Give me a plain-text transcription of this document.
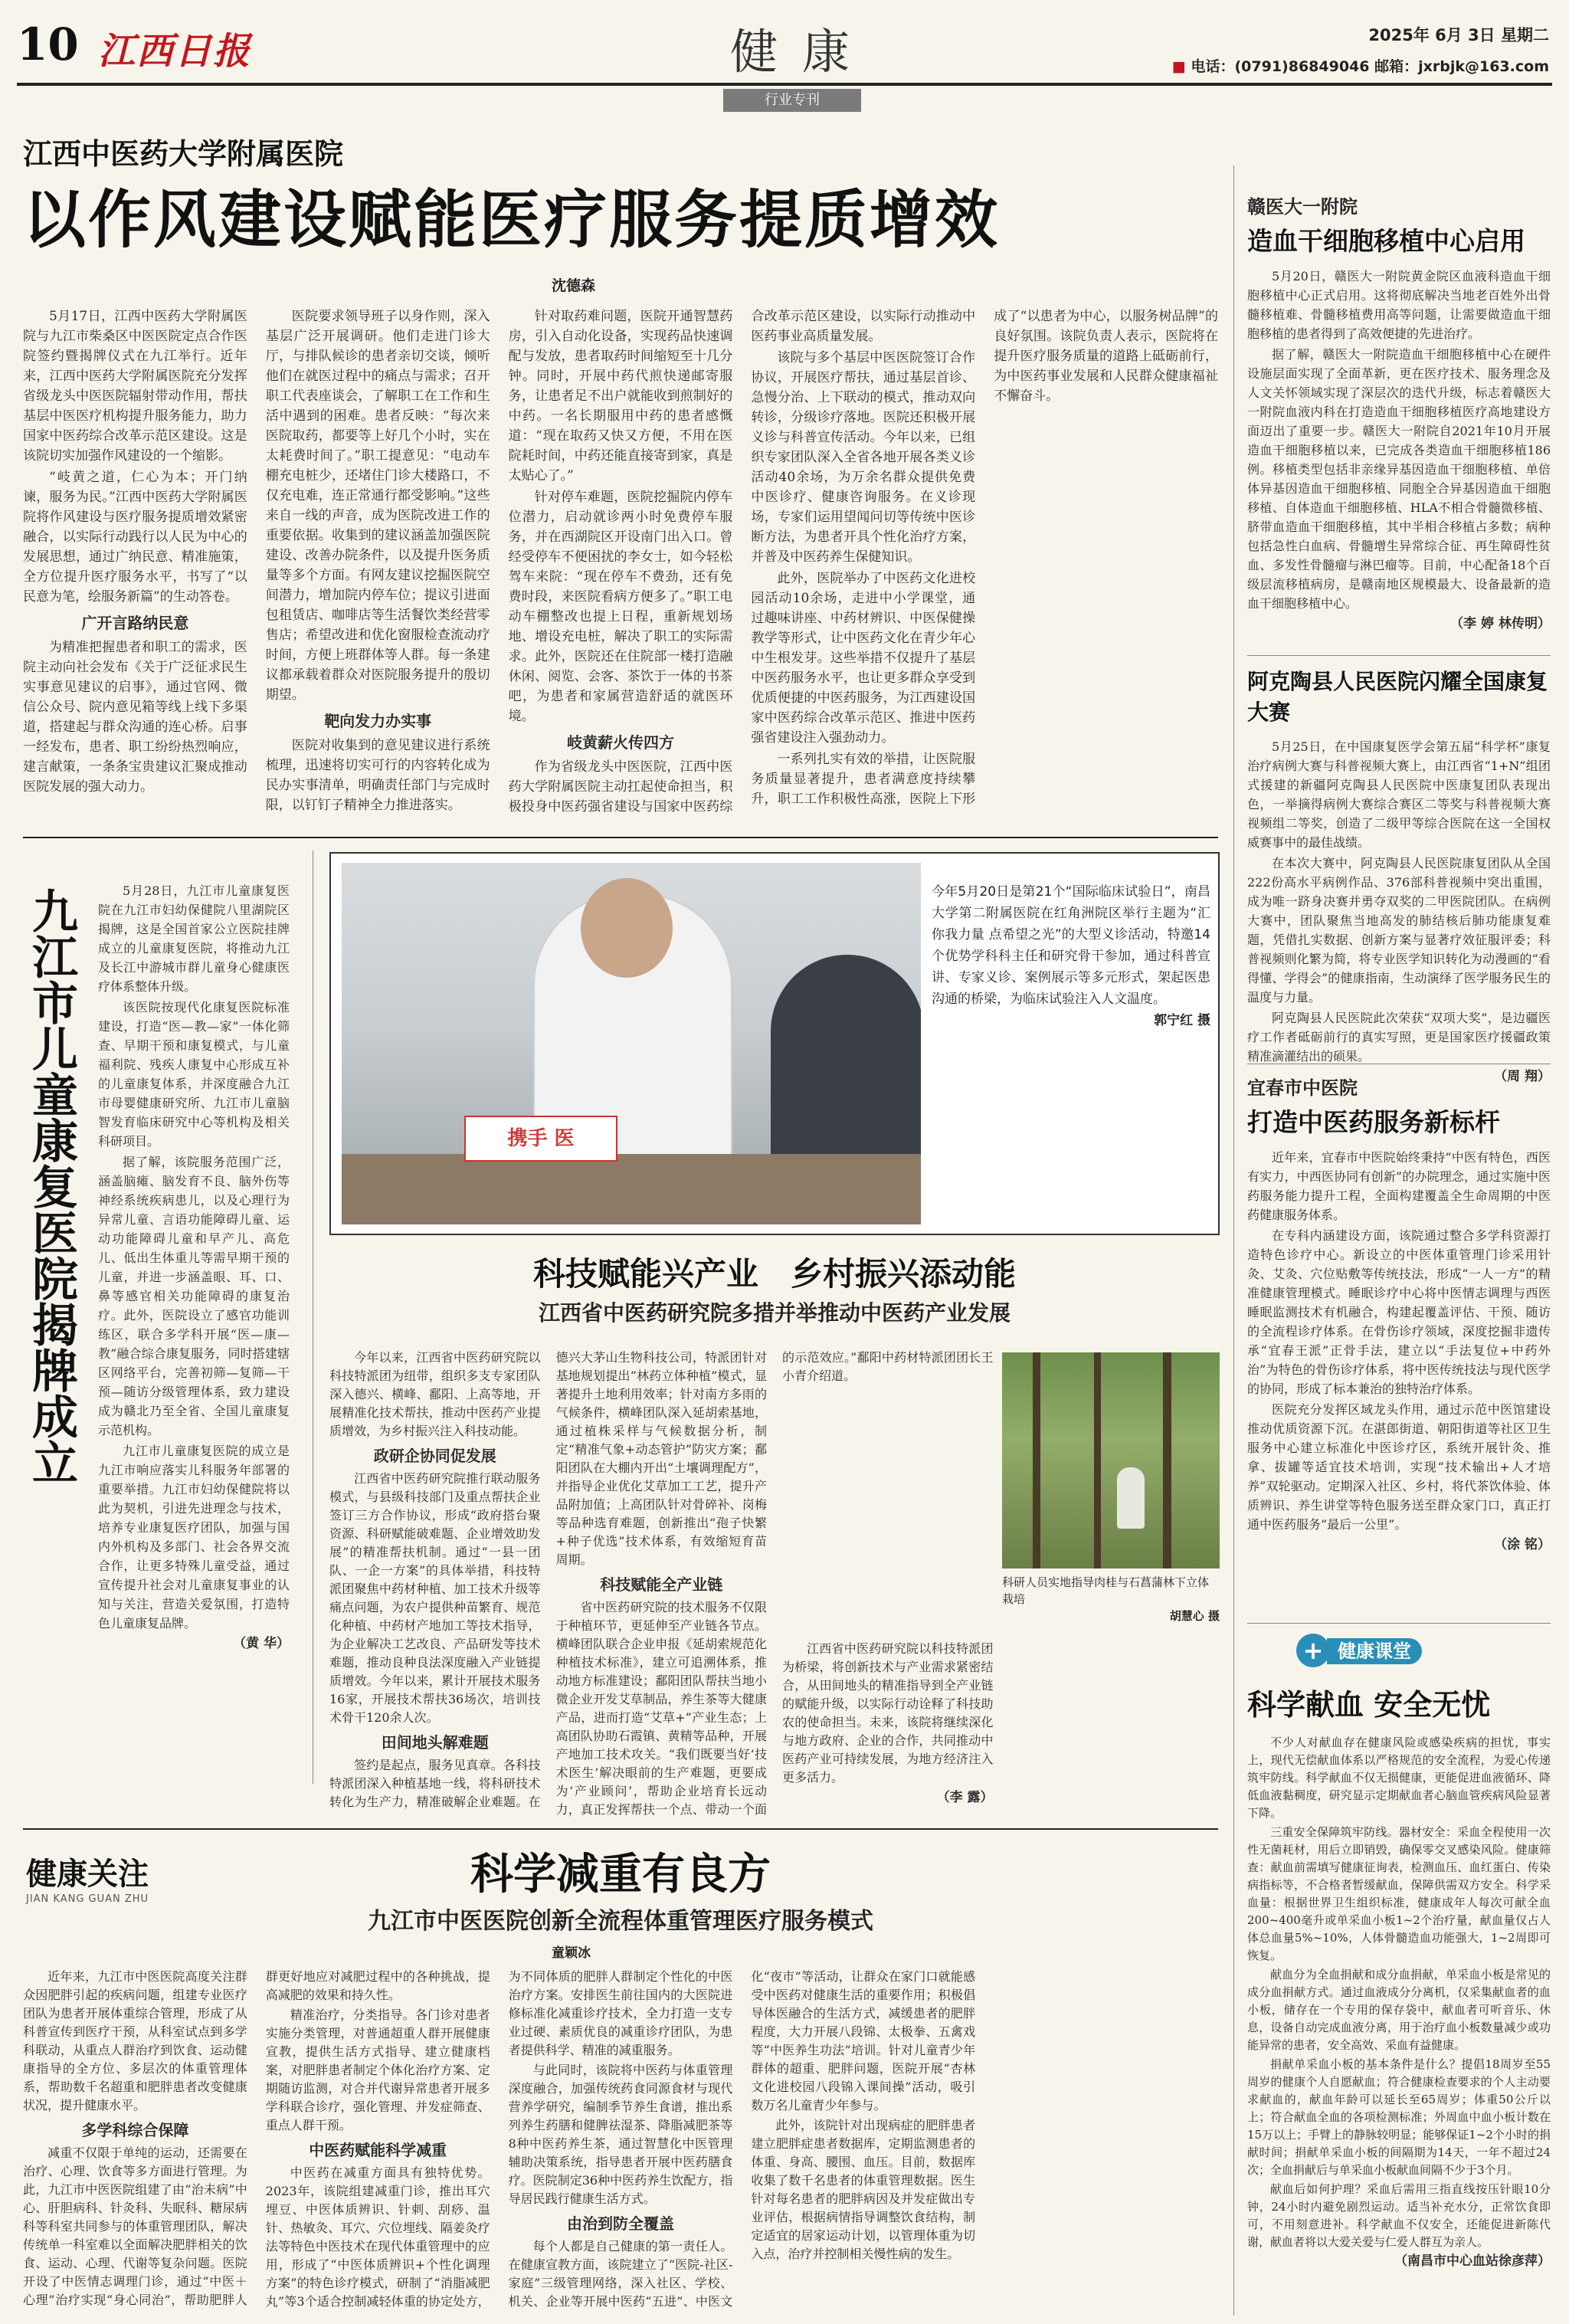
10 江西日报	健 康
行业专刊
2025年 6月 3日 星期二
■ 电话：(0791)86849046 邮箱：jxrbjk@163.com
江西中医药大学附属医院
以作风建设赋能医疗服务提质增效
沈德森

5月17日，江西中医药大学附属医院与九江市柴桑区中医医院定点合作医院签约暨揭牌仪式在九江举行。近年来，江西中医药大学附属医院充分发挥省级龙头中医医院辐射带动作用，帮扶基层中医医疗机构提升服务能力，助力国家中医药综合改革示范区建设。这是该院切实加强作风建设的一个缩影。

“岐黄之道，仁心为本；开门纳谏，服务为民。”江西中医药大学附属医院将作风建设与医疗服务提质增效紧密融合，以实际行动践行以人民为中心的发展思想，通过广纳民意、精准施策，全方位提升医疗服务水平，书写了“以民意为笔，绘服务新篇”的生动答卷。

广开言路纳民意

为精准把握患者和职工的需求，医院主动向社会发布《关于广泛征求民生实事意见建议的启事》，通过官网、微信公众号、院内意见箱等线上线下多渠道，搭建起与群众沟通的连心桥。启事一经发布，患者、职工纷纷热烈响应，建言献策，一条条宝贵建议汇聚成推动医院发展的强大动力。

医院要求领导班子以身作则，深入基层广泛开展调研。他们走进门诊大厅，与排队候诊的患者亲切交谈，倾听他们在就医过程中的痛点与需求；召开职工代表座谈会，了解职工在工作和生活中遇到的困难。患者反映：“每次来医院取药，都要等上好几个小时，实在太耗费时间了。”职工提意见：“电动车棚充电桩少，还堵住门诊大楼路口，不仅充电难，连正常通行都受影响。”这些来自一线的声音，成为医院改进工作的重要依据。收集到的建议涵盖加强医院建设、改善办院条件，以及提升医务质量等多个方面。有网友建议挖掘医院空间潜力，增加院内停车位；提议引进面包租赁店、咖啡店等生活餐饮类经营零售店；希望改进和优化窗服检查流动疗时间，方便上班群体等人群。每一条建议都承载着群众对医院服务提升的殷切期望。

靶向发力办实事

医院对收集到的意见建议进行系统梳理，迅速将切实可行的内容转化成为民办实事清单，明确责任部门与完成时限，以钉钉子精神全力推进落实。

针对取药难问题，医院开通智慧药房，引入自动化设备，实现药品快速调配与发放，患者取药时间缩短至十几分钟。同时，开展中药代煎快递邮寄服务，让患者足不出户就能收到煎制好的中药。一名长期服用中药的患者感慨道：“现在取药又快又方便，不用在医院耗时间，中药还能直接寄到家，真是太贴心了。”

针对停车难题，医院挖掘院内停车位潜力，启动就诊两小时免费停车服务，并在西湖院区开设南门出入口。曾经受停车不便困扰的李女士，如今轻松驾车来院：“现在停车不费劲，还有免费时段，来医院看病方便多了。”职工电动车棚整改也提上日程，重新规划场地、增设充电桩，解决了职工的实际需求。此外，医院还在住院部一楼打造融休闲、阅览、会客、茶饮于一体的书茶吧，为患者和家属营造舒适的就医环境。

岐黄薪火传四方

作为省级龙头中医医院，江西中医药大学附属医院主动扛起使命担当，积极投身中医药强省建设与国家中医药综合改革示范区建设，以实际行动推动中医药事业高质量发展。

该院与多个基层中医医院签订合作协议，开展医疗帮扶，通过基层首诊、急慢分治、上下联动的模式，推动双向转诊，分级诊疗落地。医院还积极开展义诊与科普宣传活动。今年以来，已组织专家团队深入全省各地开展各类义诊活动40余场，为万余名群众提供免费中医诊疗、健康咨询服务。在义诊现场，专家们运用望闻问切等传统中医诊断方法，为患者开具个性化治疗方案，并普及中医药养生保健知识。

此外，医院举办了中医药文化进校园活动10余场，走进中小学课堂，通过趣味讲座、中药材辨识、中医保健操教学等形式，让中医药文化在青少年心中生根发芽。这些举措不仅提升了基层中医药服务水平，也让更多群众享受到优质便捷的中医药服务，为江西建设国家中医药综合改革示范区、推进中医药强省建设注入强劲动力。

一系列扎实有效的举措，让医院服务质量显著提升，患者满意度持续攀升，职工工作积极性高涨，医院上下形成了“以患者为中心，以服务树品牌”的良好氛围。该院负责人表示，医院将在提升医疗服务质量的道路上砥砺前行，为中医药事业发展和人民群众健康福祉不懈奋斗。

九江市儿童康复医院揭牌成立	5月28日，九江市儿童康复医院在九江市妇幼保健院八里湖院区揭牌，这是全国首家公立医院挂牌成立的儿童康复医院，将推动九江及长江中游城市群儿童身心健康医疗体系整体升级。

该医院按现代化康复医院标准建设，打造“医—教—家”一体化筛查、早期干预和康复模式，与儿童福利院、残疾人康复中心形成互补的儿童康复体系，并深度融合九江市母婴健康研究所、九江市儿童脑智发育临床研究中心等机构及相关科研项目。

据了解，该院服务范围广泛，涵盖脑瘫、脑发育不良、脑外伤等神经系统疾病患儿，以及心理行为异常儿童、言语功能障碍儿童、运动功能障碍儿童和早产儿、高危儿、低出生体重儿等需早期干预的儿童，并进一步涵盖眼、耳、口、鼻等感官相关功能障碍的康复治疗。此外，医院设立了感官功能训练区，联合多学科开展“医—康—教”融合综合康复服务，同时搭建辖区网络平台，完善初筛—复筛—干预—随访分级管理体系，致力建设成为赣北乃至全省、全国儿童康复示范机构。

九江市儿童康复医院的成立是九江市响应落实儿科服务年部署的重要举措。九江市妇幼保健院将以此为契机，引进先进理念与技术，培养专业康复医疗团队，加强与国内外机构及多部门、社会各界交流合作，让更多特殊儿童受益，通过宣传提升社会对儿童康复事业的认知与关注，营造关爱氛围，打造特色儿童康复品牌。

（黄 华）
携手 医
今年5月20日是第21个“国际临床试验日”，南昌大学第二附属医院在红角洲院区举行主题为“汇你我力量 点希望之光”的大型义诊活动，特邀14个优势学科科主任和研究骨干参加，通过科普宣讲、专家义诊、案例展示等多元形式，架起医患沟通的桥梁，为临床试验注入人文温度。
郭宁红 摄
科技赋能兴产业　乡村振兴添动能
江西省中医药研究院多措并举推动中医药产业发展

今年以来，江西省中医药研究院以科技特派团为纽带，组织多支专家团队深入德兴、横峰、鄱阳、上高等地，开展精准化技术帮扶，推动中医药产业提质增效，为乡村振兴注入科技动能。

政研企协同促发展

江西省中医药研究院推行联动服务模式，与县级科技部门及重点帮扶企业签订三方合作协议，形成“政府搭台聚资源、科研赋能破难题、企业增效助发展”的精准帮扶机制。通过“一县一团队、一企一方案”的具体举措，科技特派团聚焦中药材种植、加工技术升级等痛点问题，为农户提供种苗繁育、规范化种植、中药材产地加工等技术指导，为企业解决工艺改良、产品研发等技术难题，推动良种良法深度融入产业链提质增效。今年以来，累计开展技术服务16家，开展技术帮扶36场次，培训技术骨干120余人次。

田间地头解难题

签约是起点，服务见真章。各科技特派团深入种植基地一线，将科研技术转化为生产力，精准破解企业难题。在德兴大茅山生物科技公司，特派团针对基地规划提出“林药立体种植”模式，显著提升土地利用效率；针对南方多雨的气候条件，横峰团队深入延胡索基地，通过植株采样与气候数据分析，制定“精准气象+动态管护”防灾方案；鄱阳团队在大棚内开出“土壤调理配方”，并指导企业优化艾草加工工艺，提升产品附加值；上高团队针对骨碎补、岗梅等品种选育难题，创新推出“孢子快繁+种子优选”技术体系，有效缩短育苗周期。

科技赋能全产业链

省中医药研究院的技术服务不仅限于种植环节，更延伸至产业链各节点。横峰团队联合企业申报《延胡索规范化种植技术标准》，建立可追溯体系，推动地方标准建设；鄱阳团队帮扶当地小微企业开发艾草制品，养生茶等大健康产品，进而打造“艾草+”产业生态；上高团队协助石霞镇、黄精等品种，开展产地加工技术攻关。“我们既要当好‘技术医生’解决眼前的生产难题，更要成为‘产业顾问’，帮助企业培育长远动力，真正发挥帮扶一个点、带动一个面的示范效应。”鄱阳中药材特派团团长王小青介绍道。

江西省中医药研究院以科技特派团为桥梁，将创新技术与产业需求紧密结合，从田间地头的精准指导到全产业链的赋能升级，以实际行动诠释了科技助农的使命担当。未来，该院将继续深化与地方政府、企业的合作，共同推动中医药产业可持续发展，为地方经济注入更多活力。

（李 露）
科研人员实地指导肉桂与石菖蒲林下立体栽培
胡慧心 摄
健康关注
JIAN KANG GUAN ZHU	科学减重有良方
九江市中医医院创新全流程体重管理医疗服务模式
童颖冰

近年来，九江市中医医院高度关注群众因肥胖引起的疾病问题，组建专业医疗团队为患者开展体重综合管理，形成了从科普宣传到医疗干预，从科室试点到多学科联动，从重点人群治疗到饮食、运动健康指导的全方位、多层次的体重管理体系，帮助数千名超重和肥胖患者改变健康状况，提升健康水平。

多学科综合保障

减重不仅限于单纯的运动，还需要在治疗、心理、饮食等多方面进行管理。为此，九江市中医医院组建了由“治未病”中心、肝胆病科、针灸科、失眠科、糖尿病科等科室共同参与的体重管理团队，解决传统单一科室难以全面解决肥胖相关的饮食、运动、心理、代谢等复杂问题。医院开设了中医情志调理门诊，通过“中医＋心理”治疗实现“身心同治”，帮助肥胖人群更好地应对减肥过程中的各种挑战，提高减肥的效果和持久性。

精准治疗，分类指导。各门诊对患者实施分类管理，对普通超重人群开展健康宣教，提供生活方式指导、建立健康档案，对肥胖患者制定个体化治疗方案、定期随访监测，对合并代谢异常患者开展多学科联合诊疗，强化管理、并发症筛查、重点人群干预。

中医药赋能科学减重

中医药在减重方面具有独特优势。2023年，该院组建减重门诊，推出耳穴埋豆、中医体质辨识、针刺、刮痧、温针、热敏灸、耳穴、穴位埋线、隔姜灸疗法等特色中医技术在现代体重管理中的应用，形成了“中医体质辨识+个性化调理方案”的特色诊疗模式，研制了“消脂减肥丸”等3个适合控制减轻体重的协定处方，为不同体质的肥胖人群制定个性化的中医治疗方案。安排医生前往国内的大医院进修标准化减重诊疗技术，全力打造一支专业过硬、素质优良的减重诊疗团队，为患者提供科学、精准的减重服务。

与此同时，该院将中医药与体重管理深度融合，加强传统药食同源食材与现代营养学研究，编制季节养生食谱，推出系列养生药膳和健脾祛湿茶、降脂减肥茶等8种中医药养生茶，通过智慧化中医管理辅助决策系统，指导患者开展中医药膳食疗。医院制定36种中医药养生饮配方，指导居民践行健康生活方式。

由治到防全覆盖

每个人都是自己健康的第一责任人。在健康宣教方面，该院建立了“医院-社区-家庭”三级管理网络，深入社区、学校、机关、企业等开展中医药“五进”、中医文化“夜市”等活动，让群众在家门口就能感受中医药对健康生活的重要作用；积极倡导体医融合的生活方式，减缓患者的肥胖程度，大力开展八段锦、太极拳、五禽戏等“中医养生功法”培训。针对儿童青少年群体的超重、肥胖问题，医院开展“杏林文化进校园八段锦入课间操”活动，吸引数万名儿童青少年参与。

此外，该院针对出现病症的肥胖患者建立肥胖症患者数据库，定期监测患者的体重、身高、腰围、血压。目前，数据库收集了数千名患者的体重管理数据。医生针对每名患者的肥胖病因及并发症做出专业评估，根据病情指导调整饮食结构，制定适宜的居家运动计划，以管理体重为切入点，治疗并控制相关慢性病的发生。

赣医大一附院
造血干细胞移植中心启用

5月20日，赣医大一附院黄金院区血液科造血干细胞移植中心正式启用。这将彻底解决当地老百姓外出骨髓移植难、骨髓移植费用高等问题，让需要做造血干细胞移植的患者得到了高效便捷的先进治疗。

据了解，赣医大一附院造血干细胞移植中心在硬件设施层面实现了全面革新，更在医疗技术、服务理念及人文关怀领域实现了深层次的迭代升级，标志着赣医大一附院血液内科在打造造血干细胞移植医疗高地建设方面迈出了重要一步。赣医大一附院自2021年10月开展造血干细胞移植以来，已完成各类造血干细胞移植186例。移植类型包括非亲缘异基因造血干细胞移植、单倍体异基因造血干细胞移植、同胞全合异基因造血干细胞移植、自体造血干细胞移植、HLA不相合骨髓微移植、脐带血造血干细胞移植，其中半相合移植占多数；病种包括急性白血病、骨髓增生异常综合征、再生障碍性贫血、多发性骨髓瘤与淋巴瘤等。目前，中心配备18个百级层流移植病房，是赣南地区规模最大、设备最新的造血干细胞移植中心。

（李 婷 林传明）
阿克陶县人民医院闪耀全国康复大赛

5月25日，在中国康复医学会第五届“科学杯”康复治疗病例大赛与科普视频大赛上，由江西省“1+N”组团式援建的新疆阿克陶县人民医院中医康复团队表现出色，一举摘得病例大赛综合赛区二等奖与科普视频大赛视频组二等奖，创造了二级甲等综合医院在这一全国权威赛事中的最佳战绩。

在本次大赛中，阿克陶县人民医院康复团队从全国222份高水平病例作品、376部科普视频中突出重围，成为唯一跻身决赛并勇夺双奖的二甲医院团队。在病例大赛中，团队聚焦当地高发的肺结核后肺功能康复难题，凭借扎实数据、创新方案与显著疗效征服评委；科普视频则化繁为简，将专业医学知识转化为动漫画的“看得懂、学得会”的健康指南，生动演绎了医学服务民生的温度与力量。

阿克陶县人民医院此次荣获“双项大奖”，是边疆医疗工作者砥砺前行的真实写照，更是国家医疗援疆政策精准滴灌结出的硕果。

（周 翔）
宜春市中医院
打造中医药服务新标杆

近年来，宜春市中医院始终秉持“中医有特色，西医有实力，中西医协同有创新”的办院理念，通过实施中医药服务能力提升工程，全面构建覆盖全生命周期的中医药健康服务体系。

在专科内涵建设方面，该院通过整合多学科资源打造特色诊疗中心。新设立的中医体重管理门诊采用针灸、艾灸、穴位贴敷等传统技法，形成“一人一方”的精准健康管理模式。睡眠诊疗中心将中医情志调理与西医睡眠监测技术有机融合，构建起覆盖评估、干预、随访的全流程诊疗体系。在骨伤诊疗领域，深度挖掘非遗传承“宜春王派”正骨手法，建立以“手法复位+中药外治”为特色的骨伤诊疗体系，将中医传统技法与现代医学的协同，形成了标本兼治的独特治疗体系。

医院充分发挥区域龙头作用，通过示范中医馆建设推动优质资源下沉。在湛郎街道、朝阳街道等社区卫生服务中心建立标准化中医诊疗区，系统开展针灸、推拿、拔罐等适宜技术培训，实现“技术输出+人才培养”双轮驱动。定期深入社区、乡村，将代茶饮体验、体质辨识、养生讲堂等特色服务送至群众家门口，真正打通中医药服务“最后一公里”。

（涂 铭）
+ 健康课堂
科学献血 安全无忧

不少人对献血存在健康风险或感染疾病的担忧，事实上，现代无偿献血体系以严格规范的安全流程，为爱心传递筑牢防线。科学献血不仅无损健康，更能促进血液循环、降低血液黏稠度，研究显示定期献血者心脑血管疾病风险显著下降。

三重安全保障筑牢防线。器材安全：采血全程使用一次性无菌耗材，用后立即销毁，确保零交叉感染风险。健康筛查：献血前需填写健康征询表，检测血压、血红蛋白、传染病指标等，不合格者暂缓献血，保障供需双方安全。科学采血量：根据世界卫生组织标准，健康成年人每次可献全血200~400毫升或单采血小板1~2个治疗量，献血量仅占人体总血量5%~10%，人体骨髓造血功能强大，1~2周即可恢复。

献血分为全血捐献和成分血捐献，单采血小板是常见的成分血捐献方式。通过血液成分分离机，仅采集献血者的血小板，储存在一个专用的保存袋中，献血者可听音乐、休息，设备自动完成血液分离，用于治疗血小板数量减少或功能异常的患者，安全高效、采血有益健康。

捐献单采血小板的基本条件是什么？提倡18周岁至55周岁的健康个人自愿献血；符合健康检查要求的个人主动要求献血的，献血年龄可以延长至65周岁；体重50公斤以上；符合献血全血的各项检测标准；外周血中血小板计数在15万以上；手臂上的静脉较明显；能够保证1~2个小时的捐献时间；捐献单采血小板的间隔期为14天，一年不超过24次；全血捐献后与单采血小板献血间隔不少于3个月。

献血后如何护理？采血后需用三指直线按压针眼10分钟，24小时内避免剧烈运动。适当补充水分，正常饮食即可，不用刻意进补。科学献血不仅安全，还能促进新陈代谢，献血者将以大爱关爱与仁爱人群互为亲人。

（南昌市中心血站徐彦萍）
